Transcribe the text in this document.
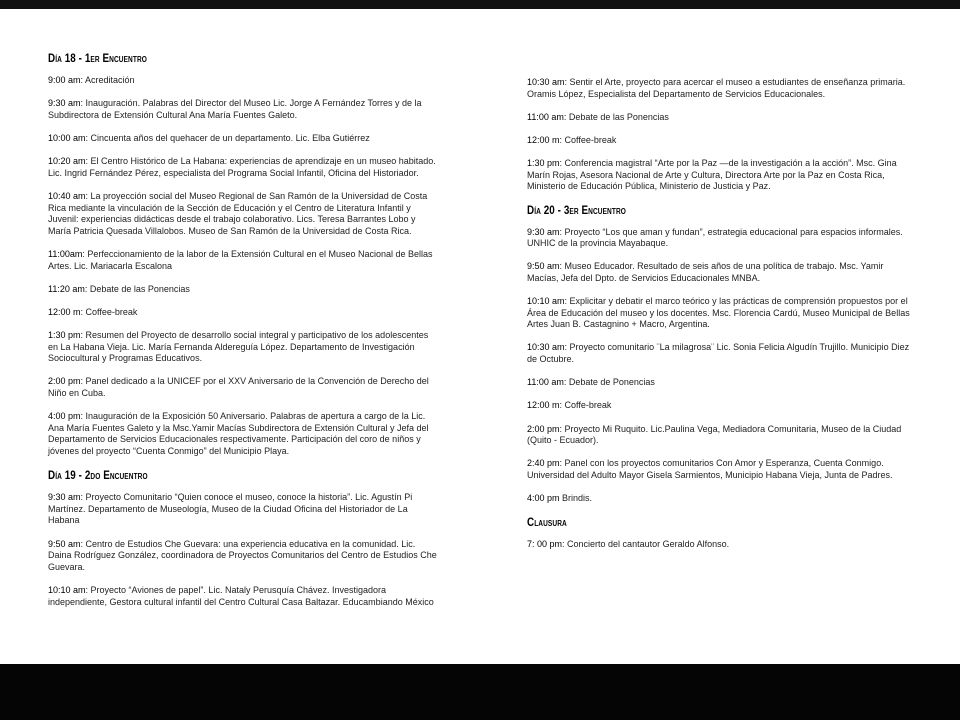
Día 18 - 1er Encuentro
9:00 am: Acreditación
9:30 am: Inauguración. Palabras del Director del Museo Lic. Jorge A Fernández Torres y de la Subdirectora de Extensión Cultural Ana María Fuentes Galeto.
10:00 am: Cincuenta años del quehacer de un departamento. Lic. Elba Gutiérrez
10:20 am: El Centro Histórico de La Habana: experiencias de aprendizaje en un museo habitado. Lic. Ingrid Fernández Pérez, especialista del Programa Social Infantil, Oficina del Historiador.
10:40 am: La proyección social del Museo Regional de San Ramón de la Universidad de Costa Rica mediante la vinculación de la Sección de Educación y el Centro de Literatura Infantil y Juvenil: experiencias didácticas desde el trabajo colaborativo. Lics. Teresa Barrantes Lobo y María Patricia Quesada Villalobos. Museo de San Ramón de la Universidad de Costa Rica.
11:00am: Perfeccionamiento de la labor de la Extensión Cultural en el Museo Nacional de Bellas Artes. Lic. Mariacarla Escalona
11:20 am: Debate de las Ponencias
12:00 m: Coffee-break
1:30 pm: Resumen del Proyecto de desarrollo social integral y participativo de los adolescentes en La Habana Vieja. Lic. María Fernanda Aldereguía López. Departamento de Investigación Sociocultural y Programas Educativos.
2:00 pm: Panel dedicado a la UNICEF por el XXV Aniversario de la Convención de Derecho del Niño en Cuba.
4:00 pm: Inauguración de la Exposición 50 Aniversario. Palabras de apertura a cargo de la Lic. Ana María Fuentes Galeto y la Msc.Yamir Macías Subdirectora de Extensión Cultural y Jefa del Departamento de Servicios Educacionales respectivamente. Participación del coro de niños y jóvenes del proyecto “Cuenta Conmigo” del Municipio Playa.
Día 19 - 2do Encuentro
9:30 am: Proyecto Comunitario “Quien conoce el museo, conoce la historia”. Lic. Agustín Pi Martínez. Departamento de Museología, Museo de la Ciudad Oficina del Historiador de La Habana
9:50 am: Centro de Estudios Che Guevara: una experiencia educativa en la comunidad. Lic. Daina Rodríguez González, coordinadora de Proyectos Comunitarios del Centro de Estudios Che Guevara.
10:10 am: Proyecto “Aviones de papel”. Lic. Nataly Perusquía Chávez. Investigadora independiente, Gestora cultural infantil del Centro Cultural Casa Baltazar. Educambiando México
10:30 am: Sentir el Arte, proyecto para acercar el museo a estudiantes de enseñanza primaria. Oramis López, Especialista del Departamento de Servicios Educacionales.
11:00 am: Debate de las Ponencias
12:00 m: Coffee-break
1:30 pm: Conferencia magistral “Arte por la Paz —de la investigación a la acción”. Msc. Gina Marín Rojas, Asesora Nacional de Arte y Cultura, Directora Arte por la Paz en Costa Rica, Ministerio de Educación Pública, Ministerio de Justicia y Paz.
Día 20 - 3er Encuentro
9:30 am: Proyecto “Los que aman y fundan”, estrategia educacional para espacios informales. UNHIC de la provincia Mayabaque.
9:50 am: Museo Educador. Resultado de seis años de una política de trabajo. Msc. Yamir Macías, Jefa del Dpto. de Servicios Educacionales MNBA.
10:10 am: Explicitar y debatir el marco teórico y las prácticas de comprensión propuestos por el Área de Educación del museo y los docentes. Msc. Florencia Cardú, Museo Municipal de Bellas Artes Juan B. Castagnino + Macro, Argentina.
10:30 am: Proyecto comunitario ¨La milagrosa¨ Lic. Sonia Felicia Algudín Trujillo. Municipio Diez de Octubre.
11:00 am: Debate de Ponencias
12:00 m: Coffe-break
2:00 pm: Proyecto Mi Ruquito. Lic.Paulina Vega, Mediadora Comunitaria, Museo de la Ciudad (Quito - Ecuador).
2:40 pm: Panel con los proyectos comunitarios Con Amor y Esperanza, Cuenta Conmigo. Universidad del Adulto Mayor Gisela Sarmientos, Municipio Habana Vieja, Junta de Padres.
4:00 pm Brindis.
Clausura
7: 00 pm: Concierto del cantautor Geraldo Alfonso.
